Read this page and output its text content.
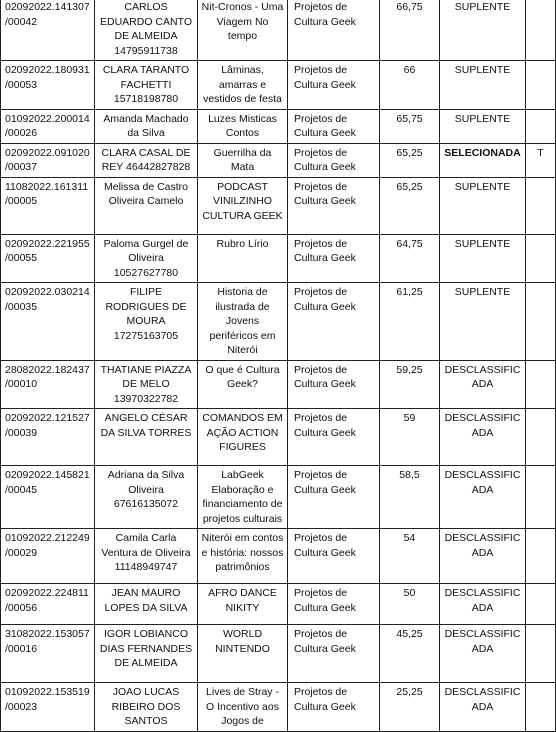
02092022.141307/00042	CARLOS EDUARDO CANTO DE ALMEIDA 14795911738	Nit-Cronos - Uma Viagem No tempo	Projetos de Cultura Geek	66,75	SUPLENTE	
02092022.180931/00053	CLARA TARANTO FACHETTI 15718198780	Lâminas, amarras e vestidos de festa	Projetos de Cultura Geek	66	SUPLENTE	
01092022.200014/00026	Amanda Machado da Silva	Luzes Misticas Contos	Projetos de Cultura Geek	65,75	SUPLENTE	
02092022.091020/00037	CLARA CASAL DE REY 46442827828	Guerrilha da Mata	Projetos de Cultura Geek	65,25	SELECIONADA	T
11082022.161311/00005	Melissa de Castro Oliveira Camelo	PODCAST VINILZINHO CULTURA GEEK	Projetos de Cultura Geek	65,25	SUPLENTE	
02092022.221955/00055	Paloma Gurgel de Oliveira 10527627780	Rubro Lírio	Projetos de Cultura Geek	64,75	SUPLENTE	
02092022.030214/00035	FILIPE RODRIGUES DE MOURA 17275163705	Historia de ilustrada de Jovens periféricos em Niterói	Projetos de Cultura Geek	61,25	SUPLENTE	
28082022.182437/00010	THATIANE PIAZZA DE MELO 13970322782	O que é Cultura Geek?	Projetos de Cultura Geek	59,25	DESCLASSIFICADA	
02092022.121527/00039	ANGELO CÉSAR DA SILVA TORRES	COMANDOS EM AÇÃO ACTION FIGURES	Projetos de Cultura Geek	59	DESCLASSIFICADA	
02092022.145821/00045	Adriana da Silva Oliveira 67616135072	LabGeek Elaboração e financiamento de projetos culturais	Projetos de Cultura Geek	58,5	DESCLASSIFICADA	
01092022.212249/00029	Camila Carla Ventura de Oliveira 11148949747	Niterói em contos e história: nossos patrimônios	Projetos de Cultura Geek	54	DESCLASSIFICADA	
02092022.224811/00056	JEAN MAURO LOPES DA SILVA	AFRO DANCE NIKITY	Projetos de Cultura Geek	50	DESCLASSIFICADA	
31082022.153057/00016	IGOR LOBIANCO DIAS FERNANDES DE ALMEIDA	WORLD NINTENDO	Projetos de Cultura Geek	45,25	DESCLASSIFICADA	
01092022.153519/00023	JOAO LUCAS RIBEIRO DOS SANTOS	Lives de Stray - O Incentivo aos Jogos de	Projetos de Cultura Geek	25,25	DESCLASSIFICADA	
